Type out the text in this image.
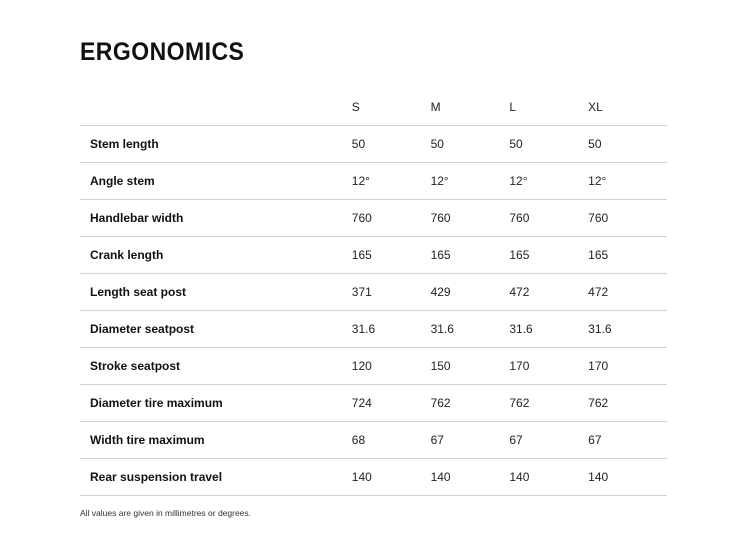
ERGONOMICS
	S	M	L	XL
Stem length	50	50	50	50
Angle stem	12°	12°	12°	12°
Handlebar width	760	760	760	760
Crank length	165	165	165	165
Length seat post	371	429	472	472
Diameter seatpost	31.6	31.6	31.6	31.6
Stroke seatpost	120	150	170	170
Diameter tire maximum	724	762	762	762
Width tire maximum	68	67	67	67
Rear suspension travel	140	140	140	140

All values are given in millimetres or degrees.
